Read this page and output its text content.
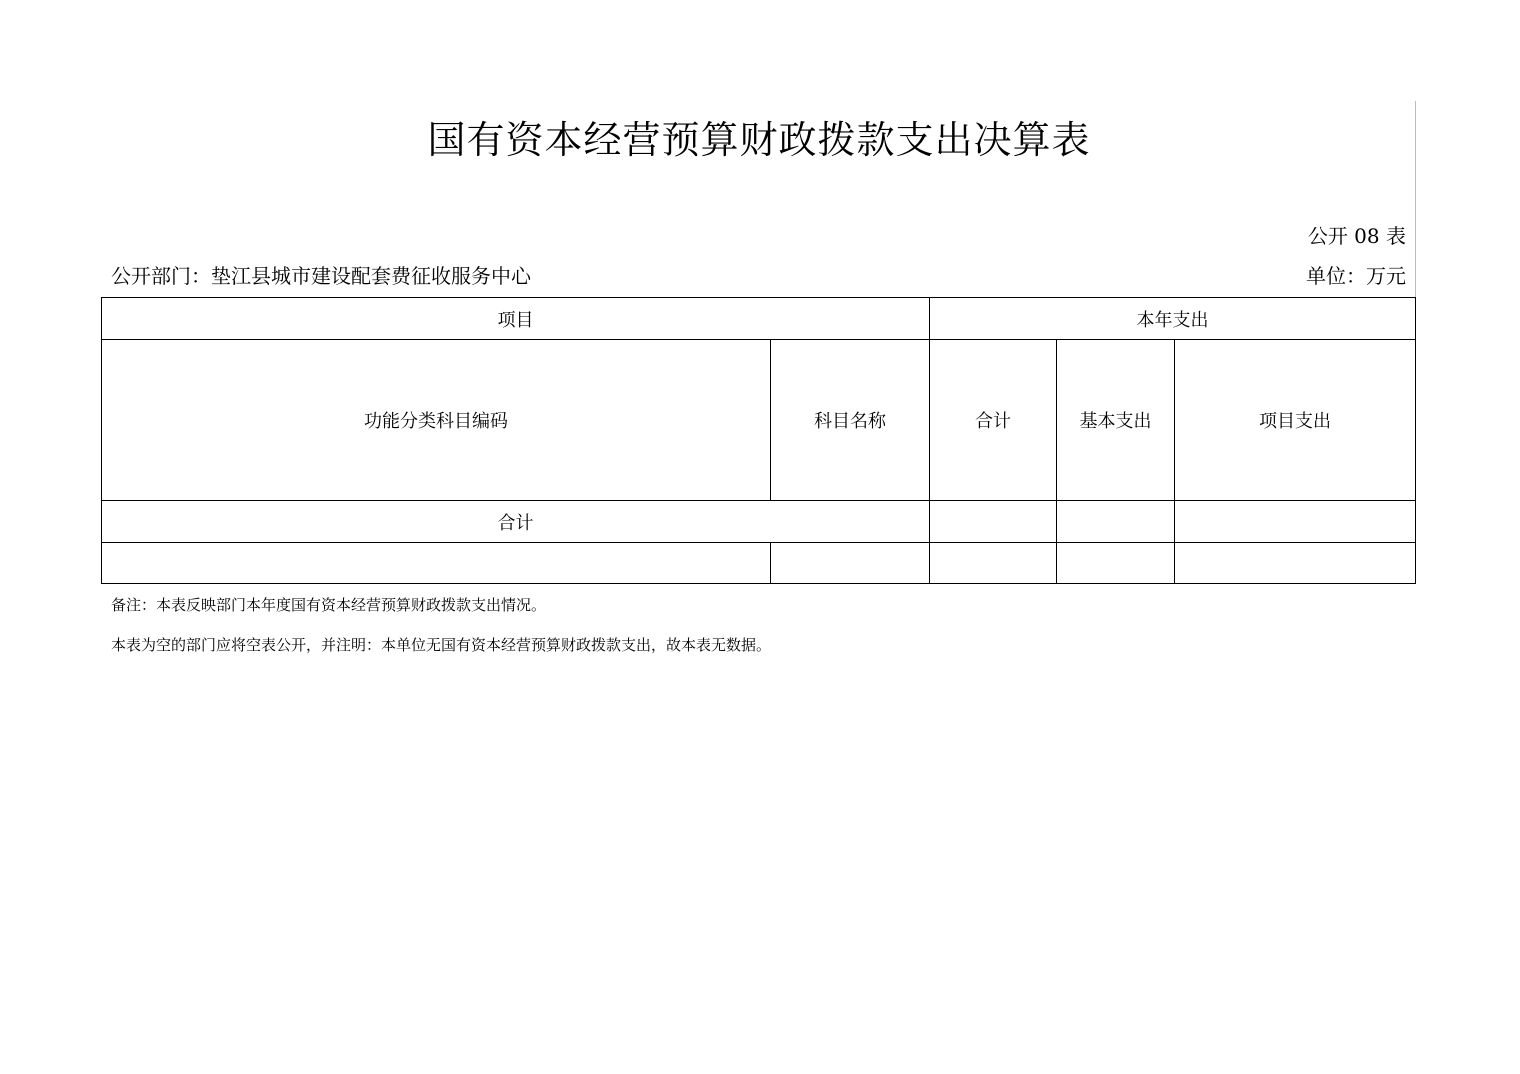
国有资本经营预算财政拨款支出决算表
公开 08 表
公开部门：垫江县城市建设配套费征收服务中心	单位：万元
项目	本年支出
功能分类科目编码	科目名称	合计	基本支出	项目支出
合计
备注：本表反映部门本年度国有资本经营预算财政拨款支出情况。
本表为空的部门应将空表公开，并注明：本单位无国有资本经营预算财政拨款支出，故本表无数据。
